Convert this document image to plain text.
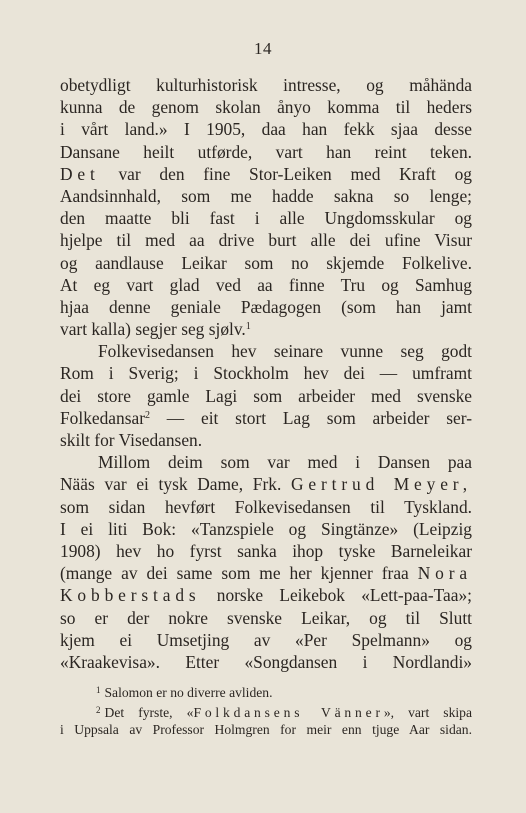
14
obetydligt kulturhistorisk intresse, og måhända
kunna de genom skolan ånyo komma til heders
i vårt land.» I 1905, daa han fekk sjaa desse
Dansane heilt utførde, vart han reint teken.
Det var den fine Stor-Leiken med Kraft og
Aandsinnhald, som me hadde sakna so lenge;
den maatte bli fast i alle Ungdomsskular og
hjelpe til med aa drive burt alle dei ufine Visur
og aandlause Leikar som no skjemde Folkelive.
At eg vart glad ved aa finne Tru og Samhug
hjaa denne geniale Pædagogen (som han jamt
vart kalla) segjer seg sjølv.$^1$
Folkevisedansen hev seinare vunne seg godt
Rom i Sverig; i Stockholm hev dei — umframt
dei store gamle Lagi som arbeider med svenske
Folkedansar$^2$ — eit stort Lag som arbeider ser-
skilt for Visedansen.
Millom deim som var med i Dansen paa
Nääs var ei tysk Dame, Frk. Gertrud Meyer,
som sidan hevført Folkevisedansen til Tyskland.
I ei liti Bok: «Tanzspiele og Singtänze» (Leipzig
1908) hev ho fyrst sanka ihop tyske Barneleikar
(mange av dei same som me her kjenner fraa Nora
Kobberstads norske Leikebok «Lett-paa-Taa»;
so er der nokre svenske Leikar, og til Slutt
kjem ei Umsetjing av «Per Spelmann» og
«Kraakevisa». Etter «Songdansen i Nordlandi»
$^1$ Salomon er no diverre avliden.
$^2$ Det fyrste, «Folkdansens Vänner», vart skipa
i Uppsala av Professor Holmgren for meir enn tjuge Aar sidan.
